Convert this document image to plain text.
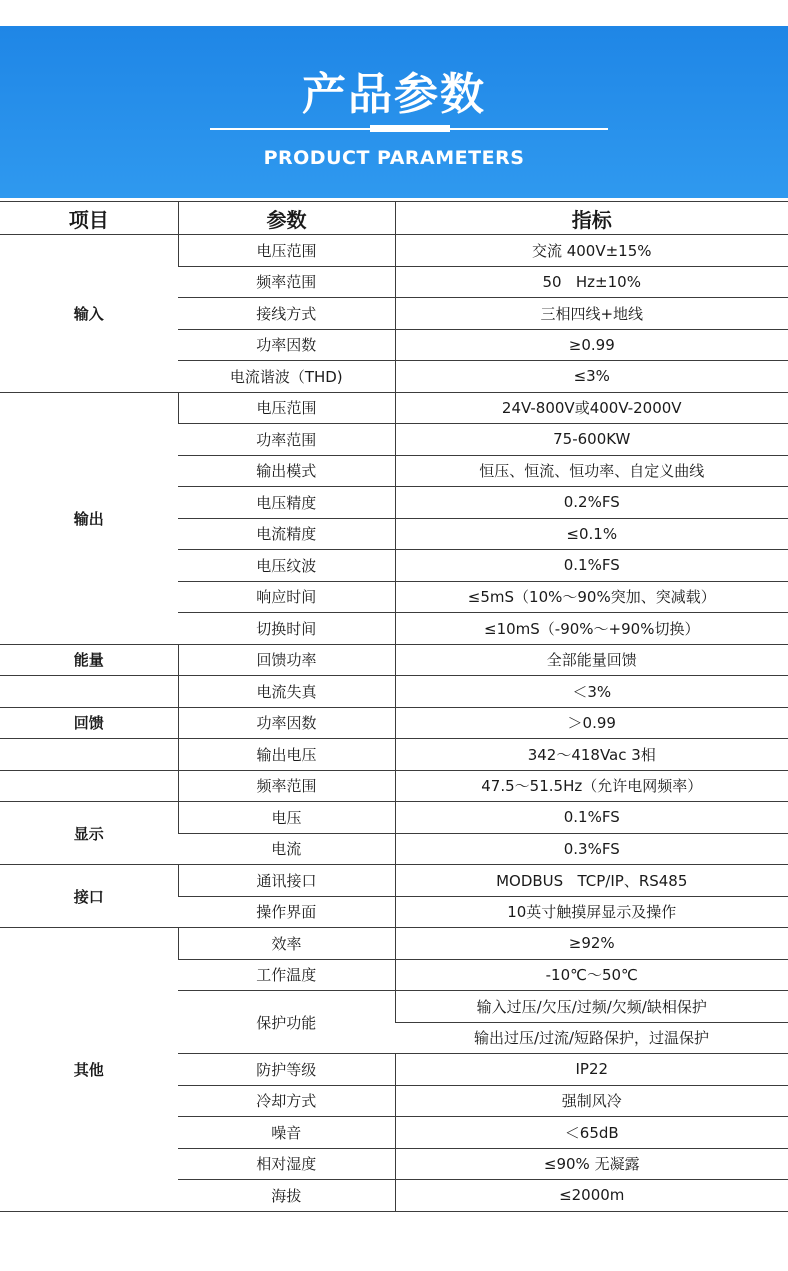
产品参数
PRODUCT PARAMETERS
项目	参数	指标
输入	电压范围	交流 400V±15%
	频率范围	50   Hz±10%
	接线方式	三相四线+地线
	功率因数	≥0.99
	电流谐波（THD)	≤3%
输出	电压范围	24V-800V或400V-2000V
	功率范围	75-600KW
	输出模式	恒压、恒流、恒功率、自定义曲线
	电压精度	0.2%FS
	电流精度	≤0.1%
	电压纹波	0.1%FS
	响应时间	≤5mS（10%～90%突加、突减载）
	切换时间	≤10mS（-90%～+90%切换）
能量	回馈功率	全部能量回馈
	电流失真	＜3%
回馈	功率因数	＞0.99
	输出电压	342～418Vac 3相
	频率范围	47.5～51.5Hz（允许电网频率）
显示	电压	0.1%FS
	电流	0.3%FS
接口	通讯接口	MODBUS   TCP/IP、RS485
	操作界面	10英寸触摸屏显示及操作
其他	效率	≥92%
	工作温度	-10℃～50℃
	保护功能	输入过压/欠压/过频/欠频/缺相保护
		输出过压/过流/短路保护，过温保护
	防护等级	IP22
	冷却方式	强制风冷
	噪音	＜65dB
	相对湿度	≤90% 无凝露
	海拔	≤2000m
